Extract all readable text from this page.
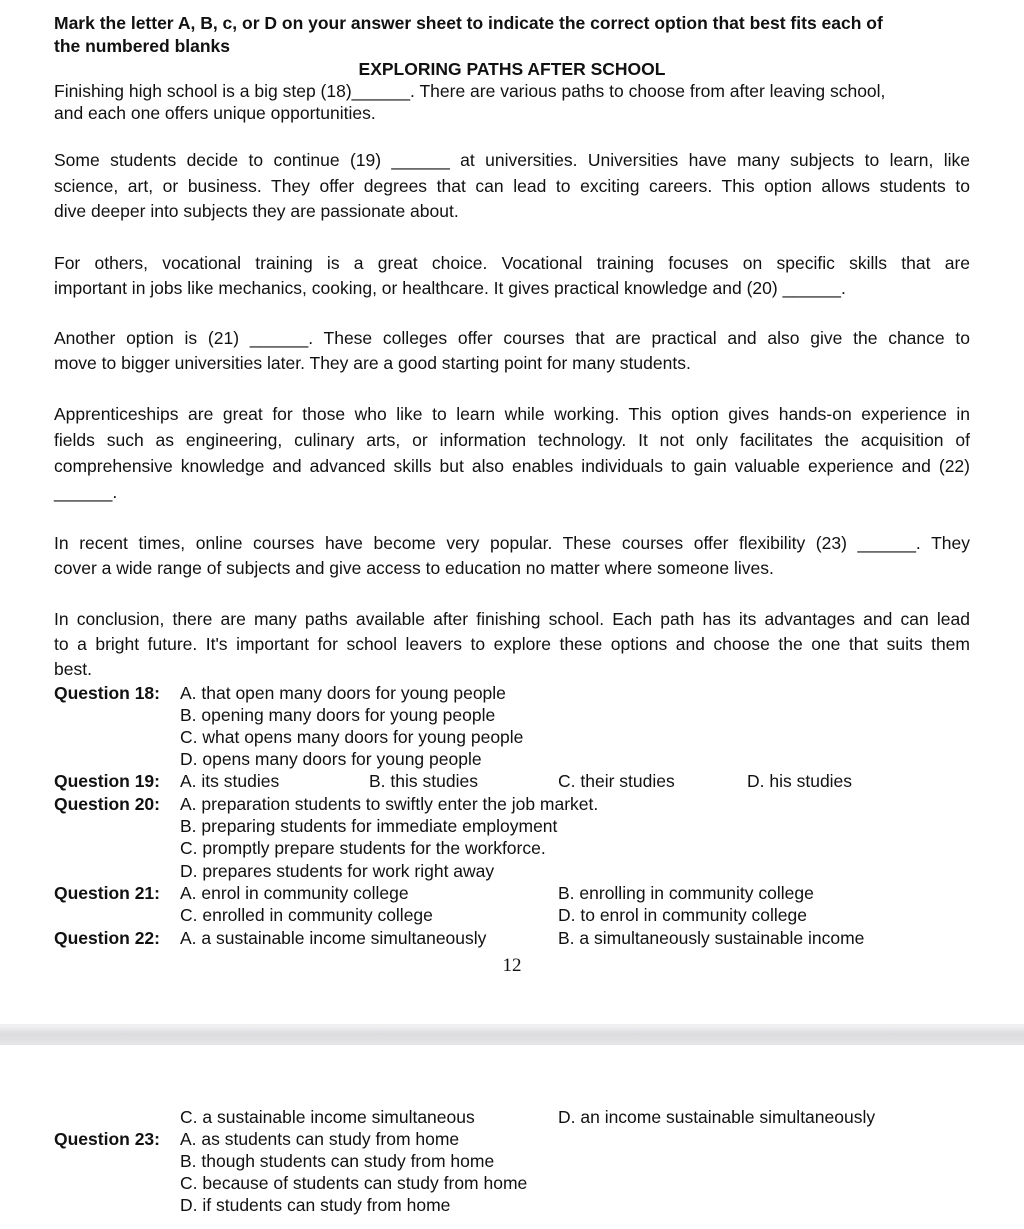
Mark the letter A, B, c, or D on your answer sheet to indicate the correct option that best fits each of
the numbered blanks
EXPLORING PATHS AFTER SCHOOL
Finishing high school is a big step (18)______. There are various paths to choose from after leaving school,
and each one offers unique opportunities.
Some students decide to continue (19) ______ at universities. Universities have many subjects to learn, like
science, art, or business. They offer degrees that can lead to exciting careers. This option allows students to
dive deeper into subjects they are passionate about.
For others, vocational training is a great choice. Vocational training focuses on specific skills that are
important in jobs like mechanics, cooking, or healthcare. It gives practical knowledge and (20) ______.
Another option is (21) ______. These colleges offer courses that are practical and also give the chance to
move to bigger universities later. They are a good starting point for many students.
Apprenticeships are great for those who like to learn while working. This option gives hands-on experience in
fields such as engineering, culinary arts, or information technology. It not only facilitates the acquisition of
comprehensive knowledge and advanced skills but also enables individuals to gain valuable experience and (22)
______.
In recent times, online courses have become very popular. These courses offer flexibility (23) ______. They
cover a wide range of subjects and give access to education no matter where someone lives.
In conclusion, there are many paths available after finishing school. Each path has its advantages and can lead
to a bright future. It's important for school leavers to explore these options and choose the one that suits them
best.
Question 18: A. that open many doors for young people
B. opening many doors for young people
C. what opens many doors for young people
D. opens many doors for young people
Question 19: A. its studies	B. this studies	C. their studies	D. his studies
Question 20: A. preparation students to swiftly enter the job market.
B. preparing students for immediate employment
C. promptly prepare students for the workforce.
D. prepares students for work right away
Question 21: A. enrol in community college	B. enrolling in community college
C. enrolled in community college	D. to enrol in community college
Question 22: A. a sustainable income simultaneously	B. a simultaneously sustainable income
12
C. a sustainable income simultaneous	D. an income sustainable simultaneously
Question 23: A. as students can study from home
B. though students can study from home
C. because of students can study from home
D. if students can study from home
